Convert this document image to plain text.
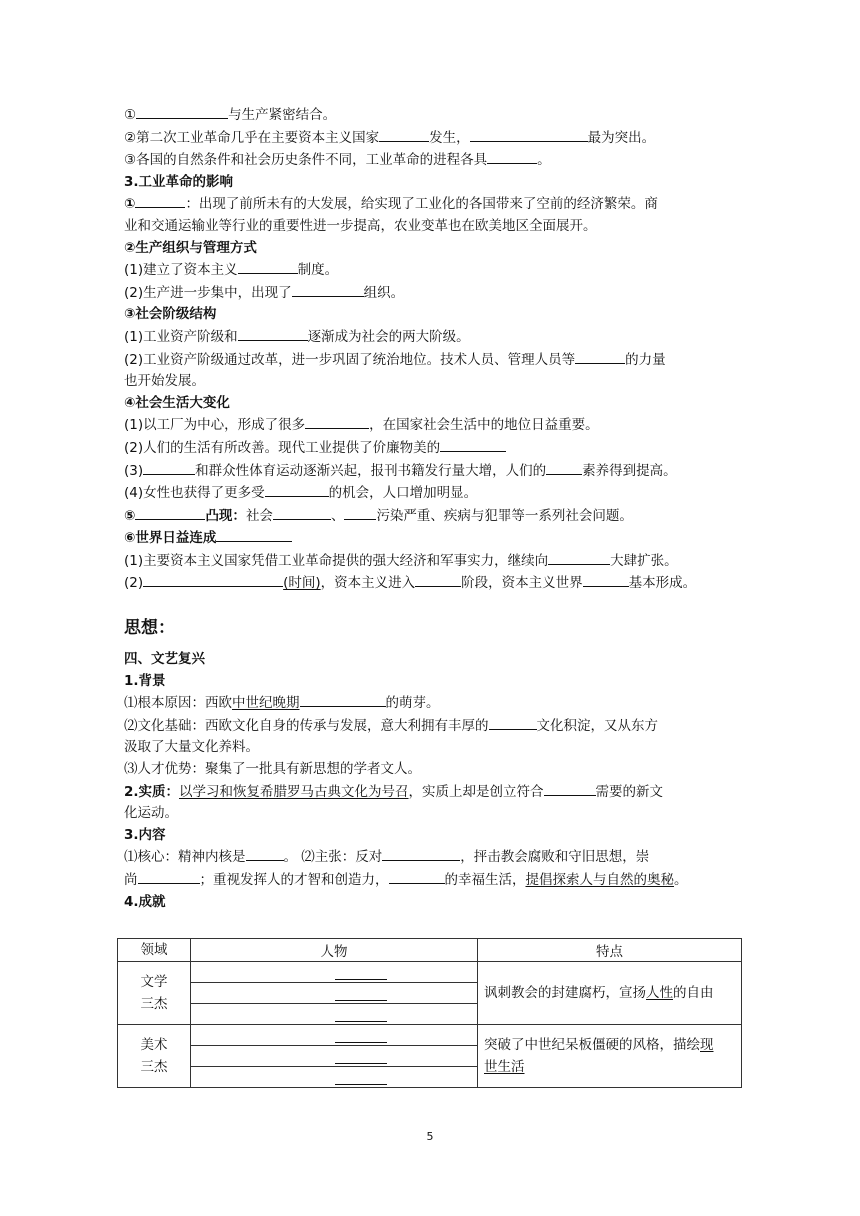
①	与生产紧密结合。
②第二次工业革命几乎在主要资本主义国家	发生，	最为突出。
③各国的自然条件和社会历史条件不同，工业革命的进程各具	。
3.工业革命的影响
①	：出现了前所未有的大发展，给实现了工业化的各国带来了空前的经济繁荣。商
业和交通运输业等行业的重要性进一步提高，农业变革也在欧美地区全面展开。
②生产组织与管理方式
(1)建立了资本主义	制度。
(2)生产进一步集中，出现了	组织。
③社会阶级结构
(1)工业资产阶级和	逐渐成为社会的两大阶级。
(2)工业资产阶级通过改革，进一步巩固了统治地位。技术人员、管理人员等	的力量
也开始发展。
④社会生活大变化
(1)以工厂为中心，形成了很多	，在国家社会生活中的地位日益重要。
(2)人们的生活有所改善。现代工业提供了价廉物美的
(3)	和群众性体育运动逐渐兴起，报刊书籍发行量大增，人们的	素养得到提高。
(4)女性也获得了更多受	的机会，人口增加明显。
⑤	凸现：社会	、 污染严重、疾病与犯罪等一系列社会问题。
⑥世界日益连成
(1)主要资本主义国家凭借工业革命提供的强大经济和军事实力，继续向	大肆扩张。
(2)	(时间)，资本主义进入	阶段，资本主义世界	基本形成。
思想：
四、文艺复兴
1.背景
⑴根本原因：西欧中世纪晚期	的萌芽。
⑵文化基础：西欧文化自身的传承与发展，意大利拥有丰厚的	文化积淀，又从东方
汲取了大量文化养料。
⑶人才优势：聚集了一批具有新思想的学者文人。
2.实质：以学习和恢复希腊罗马古典文化为号召，实质上却是创立符合	需要的新文
化运动。
3.内容
⑴核心：精神内核是	。 ⑵主张：反对	，抨击教会腐败和守旧思想，崇
尚	；重视发挥人的才智和创造力，	的幸福生活，提倡探索人与自然的奥秘。
4.成就
领域	人物	特点
文学
三杰		讽刺教会的封建腐朽，宣扬人性的自由
美术
三杰		突破了中世纪呆板僵硬的风格，描绘现
世生活
5
